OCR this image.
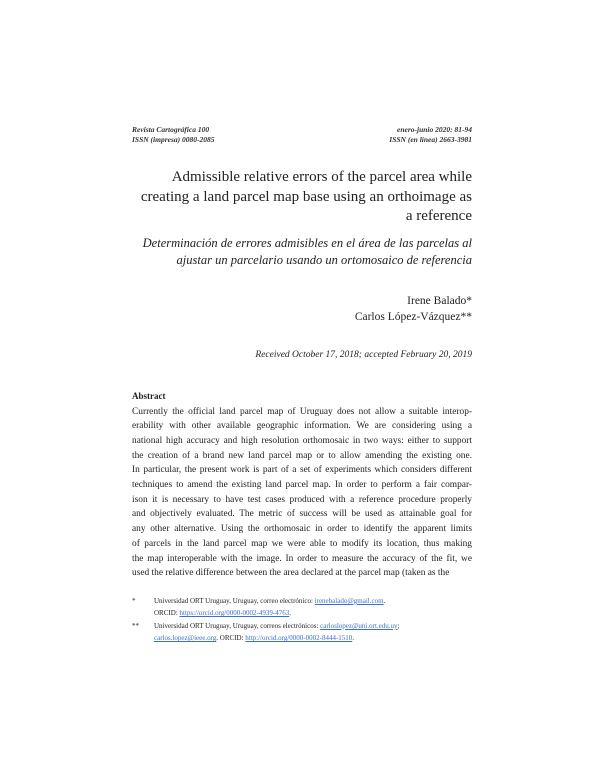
Revista Cartográfica 100
ISSN (impresa) 0080-2085
enero-junio 2020: 81-94
ISSN (en línea) 2663-3981
Admissible relative errors of the parcel area while creating a land parcel map base using an orthoimage as a reference
Determinación de errores admisibles en el área de las parcelas al ajustar un parcelario usando un ortomosaico de referencia
Irene Balado*
Carlos López-Vázquez**
Received October 17, 2018; accepted February 20, 2019
Abstract
Currently the official land parcel map of Uruguay does not allow a suitable interop-
erability with other available geographic information. We are considering using a
national high accuracy and high resolution orthomosaic in two ways: either to support
the creation of a brand new land parcel map or to allow amending the existing one.
In particular, the present work is part of a set of experiments which considers different
techniques to amend the existing land parcel map. In order to perform a fair compar-
ison it is necessary to have test cases produced with a reference procedure properly
and objectively evaluated. The metric of success will be used as attainable goal for
any other alternative. Using the orthomosaic in order to identify the apparent limits
of parcels in the land parcel map we were able to modify its location, thus making
the map interoperable with the image. In order to measure the accuracy of the fit, we
used the relative difference between the area declared at the parcel map (taken as the
*	Universidad ORT Uruguay, Uruguay, correo electrónico: irenebalado@gmail.com.
ORCID: https://orcid.org/0000-0002-4939-4763.
**	Universidad ORT Uruguay, Uruguay, correos electrónicos: carloslopez@uni.ort.edu.uy;
carlos.lopez@ieee.org. ORCID: http://orcid.org/0000-0002-8444-1510.
